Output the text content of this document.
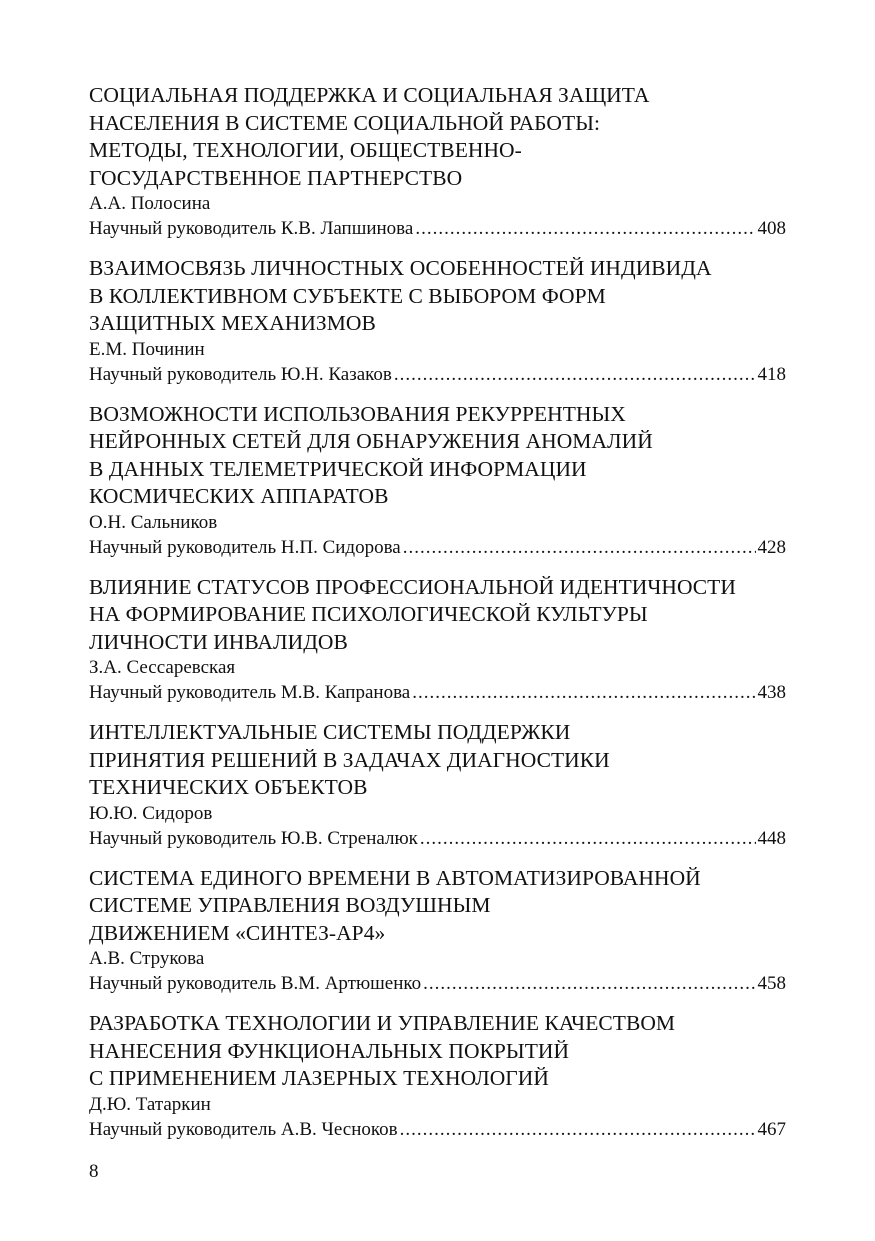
СОЦИАЛЬНАЯ ПОДДЕРЖКА И СОЦИАЛЬНАЯ ЗАЩИТА
НАСЕЛЕНИЯ В СИСТЕМЕ СОЦИАЛЬНОЙ РАБОТЫ:
МЕТОДЫ, ТЕХНОЛОГИИ, ОБЩЕСТВЕННО-
ГОСУДАРСТВЕННОЕ ПАРТНЕРСТВО
А.А. Полосина
Научный руководитель К.В. Лапшинова .....	408
ВЗАИМОСВЯЗЬ ЛИЧНОСТНЫХ ОСОБЕННОСТЕЙ ИНДИВИДА
В КОЛЛЕКТИВНОМ СУБЪЕКТЕ С ВЫБОРОМ ФОРМ
ЗАЩИТНЫХ МЕХАНИЗМОВ
Е.М. Починин
Научный руководитель Ю.Н. Казаков .....	418
ВОЗМОЖНОСТИ ИСПОЛЬЗОВАНИЯ РЕКУРРЕНТНЫХ
НЕЙРОННЫХ СЕТЕЙ ДЛЯ ОБНАРУЖЕНИЯ АНОМАЛИЙ
В ДАННЫХ ТЕЛЕМЕТРИЧЕСКОЙ ИНФОРМАЦИИ
КОСМИЧЕСКИХ АППАРАТОВ
О.Н. Сальников
Научный руководитель Н.П. Сидорова .....	428
ВЛИЯНИЕ СТАТУСОВ ПРОФЕССИОНАЛЬНОЙ ИДЕНТИЧНОСТИ
НА ФОРМИРОВАНИЕ ПСИХОЛОГИЧЕСКОЙ КУЛЬТУРЫ
ЛИЧНОСТИ ИНВАЛИДОВ
З.А. Сессаревская
Научный руководитель М.В. Капранова .....	438
ИНТЕЛЛЕКТУАЛЬНЫЕ СИСТЕМЫ ПОДДЕРЖКИ
ПРИНЯТИЯ РЕШЕНИЙ В ЗАДАЧАХ ДИАГНОСТИКИ
ТЕХНИЧЕСКИХ ОБЪЕКТОВ
Ю.Ю. Сидоров
Научный руководитель Ю.В. Стреналюк .....	448
СИСТЕМА ЕДИНОГО ВРЕМЕНИ В АВТОМАТИЗИРОВАННОЙ
СИСТЕМЕ УПРАВЛЕНИЯ ВОЗДУШНЫМ
ДВИЖЕНИЕМ «СИНТЕЗ-АР4»
А.В. Струкова
Научный руководитель В.М. Артюшенко .....	458
РАЗРАБОТКА ТЕХНОЛОГИИ И УПРАВЛЕНИЕ КАЧЕСТВОМ
НАНЕСЕНИЯ ФУНКЦИОНАЛЬНЫХ ПОКРЫТИЙ
С ПРИМЕНЕНИЕМ ЛАЗЕРНЫХ ТЕХНОЛОГИЙ
Д.Ю. Татаркин
Научный руководитель А.В. Чесноков .....	467
8
